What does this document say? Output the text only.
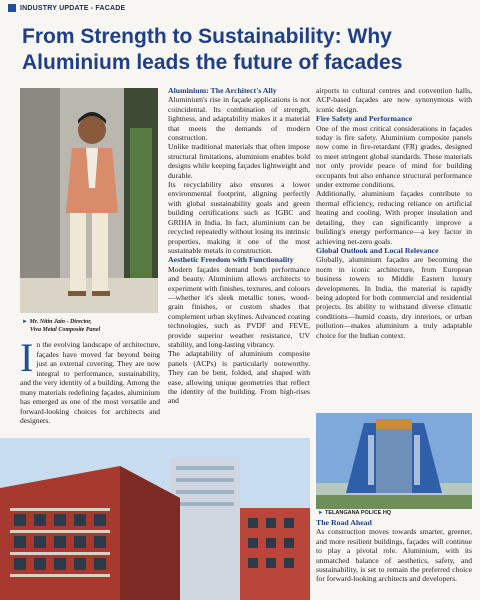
INDUSTRY UPDATE - FACADE
From Strength to Sustainability: Why Aluminium leads the future of facades
► Mr. Nitin Jain - Director,
Viva Metal Composite Panel
In the evolving landscape of architecture, façades have moved far beyond being just an external covering. They are now integral to performance, sustainability, and the very identity of a building. Among the many materials redefining façades, aluminium has emerged as one of the most versatile and forward-looking choices for architects and designers.
Aluminium: The Architect's Ally

Aluminium's rise in façade applications is not coincidental. Its combination of strength, lightness, and adaptability makes it a material that meets the demands of modern construction.

Unlike traditional materials that often impose structural limitations, aluminium enables bold designs while keeping façades lightweight and durable.

Its recyclability also ensures a lower environmental footprint, aligning perfectly with global sustainability goals and green building certifications such as IGBC and GRIHA in India. In fact, aluminium can be recycled repeatedly without losing its intrinsic properties, making it one of the most sustainable metals in construction.

Aesthetic Freedom with Functionality

Modern façades demand both performance and beauty. Aluminium allows architects to experiment with finishes, textures, and colours—whether it's sleek metallic tones, wood-grain finishes, or custom shades that complement urban skylines. Advanced coating technologies, such as PVDF and FEVE, provide superior weather resistance, UV stability, and long-lasting vibrancy.

The adaptability of aluminium composite panels (ACPs) is particularly noteworthy. They can be bent, folded, and shaped with ease, allowing unique geometries that reflect the identity of the building. From high-rises and

airports to cultural centres and convention halls, ACP-based façades are now synonymous with iconic design.

Fire Safety and Performance

One of the most critical considerations in façades today is fire safety. Aluminium composite panels now come in fire-retardant (FR) grades, designed to meet stringent global standards. These materials not only provide peace of mind for building occupants but also enhance structural performance under extreme conditions.

Additionally, aluminium façades contribute to thermal efficiency, reducing reliance on artificial heating and cooling. With proper insulation and detailing, they can significantly improve a building's energy performance—a key factor in achieving net-zero goals.

Global Outlook and Local Relevance

Globally, aluminium façades are becoming the norm in iconic architecture, from European business towers to Middle Eastern luxury developments. In India, the material is rapidly being adopted for both commercial and residential projects. Its ability to withstand diverse climatic conditions—humid coasts, dry interiors, or urban pollution—makes aluminium a truly adaptable choice for the Indian context.

► TELANGANA POLICE HQ
The Road Ahead

As construction moves towards smarter, greener, and more resilient buildings, façades will continue to play a pivotal role. Aluminium, with its unmatched balance of aesthetics, safety, and sustainability, is set to remain the preferred choice for forward-looking architects and developers.
